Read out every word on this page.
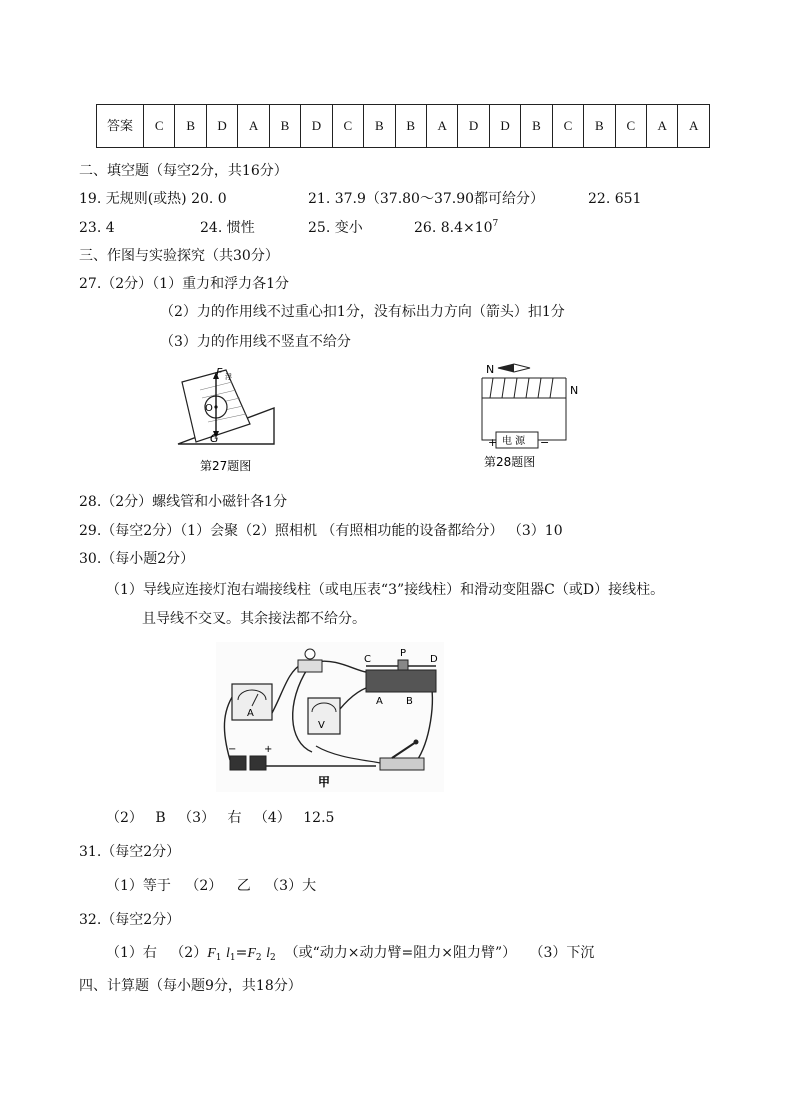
答案	C	B	D	A	B	D	C	B	B	A	D	D	B	C	B	C	A	A
二、填空题（每空2分，共16分）
19. 无规则(或热) 20. 0	21. 37.9（37.80～37.90都可给分）	22. 651
23. 4	24. 惯性	25. 变小	26. $8.4\times 10^7$
三、作图与实验探究（共30分）
27.（2分）（1）重力和浮力各1分
（2）力的作用线不过重心扣1分，没有标出力方向（箭头）扣1分
（3）力的作用线不竖直不给分
F 浮
O
G
第27题图
N
N
电 源
+	−
第28题图
28.（2分）螺线管和小磁针各1分
29.（每空2分）（1）会聚（2）照相机 （有照相功能的设备都给分） （3）10
30.（每小题2分）
（1）导线应连接灯泡右端接线柱（或电压表“3”接线柱）和滑动变阻器C（或D）接线柱。
且导线不交叉。其余接法都不给分。
A
V
C
P
D
A B
−	+
甲
（2） B （3） 右 （4） 12.5
31.（每空2分）
（1）等于 （2） 乙 （3）大
32.（每空2分）
（1）右 $(2)F_1$ $l_1=F_2$ $l_2$ （或“动力×动力臂=阻力×阻力臂”） （3）下沉
四、计算题（每小题9分，共18分）
